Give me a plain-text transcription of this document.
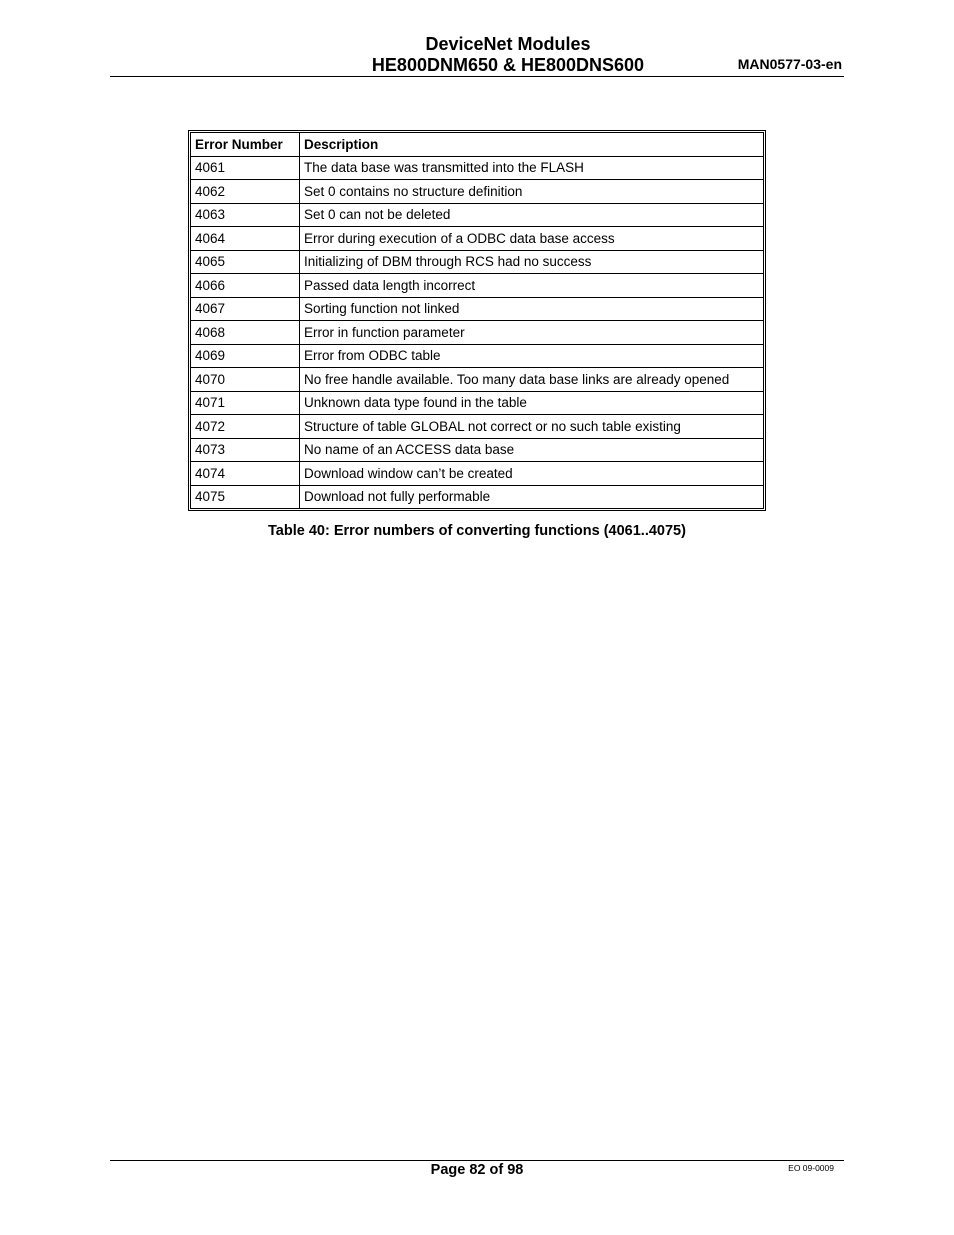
DeviceNet Modules
HE800DNM650 & HE800DNS600	MAN0577-03-en
Error Number	Description
4061	The data base was transmitted into the FLASH
4062	Set 0 contains no structure definition
4063	Set 0 can not be deleted
4064	Error during execution of a ODBC data base access
4065	Initializing of DBM through RCS had no success
4066	Passed data length incorrect
4067	Sorting function not linked
4068	Error in function parameter
4069	Error from ODBC table
4070	No free handle available. Too many data base links are already opened
4071	Unknown data type found in the table
4072	Structure of table GLOBAL not correct or no such table existing
4073	No name of an ACCESS data base
4074	Download window can’t be created
4075	Download not fully performable
Table 40: Error numbers of converting functions (4061..4075)
Page 82 of 98	EO 09-0009
